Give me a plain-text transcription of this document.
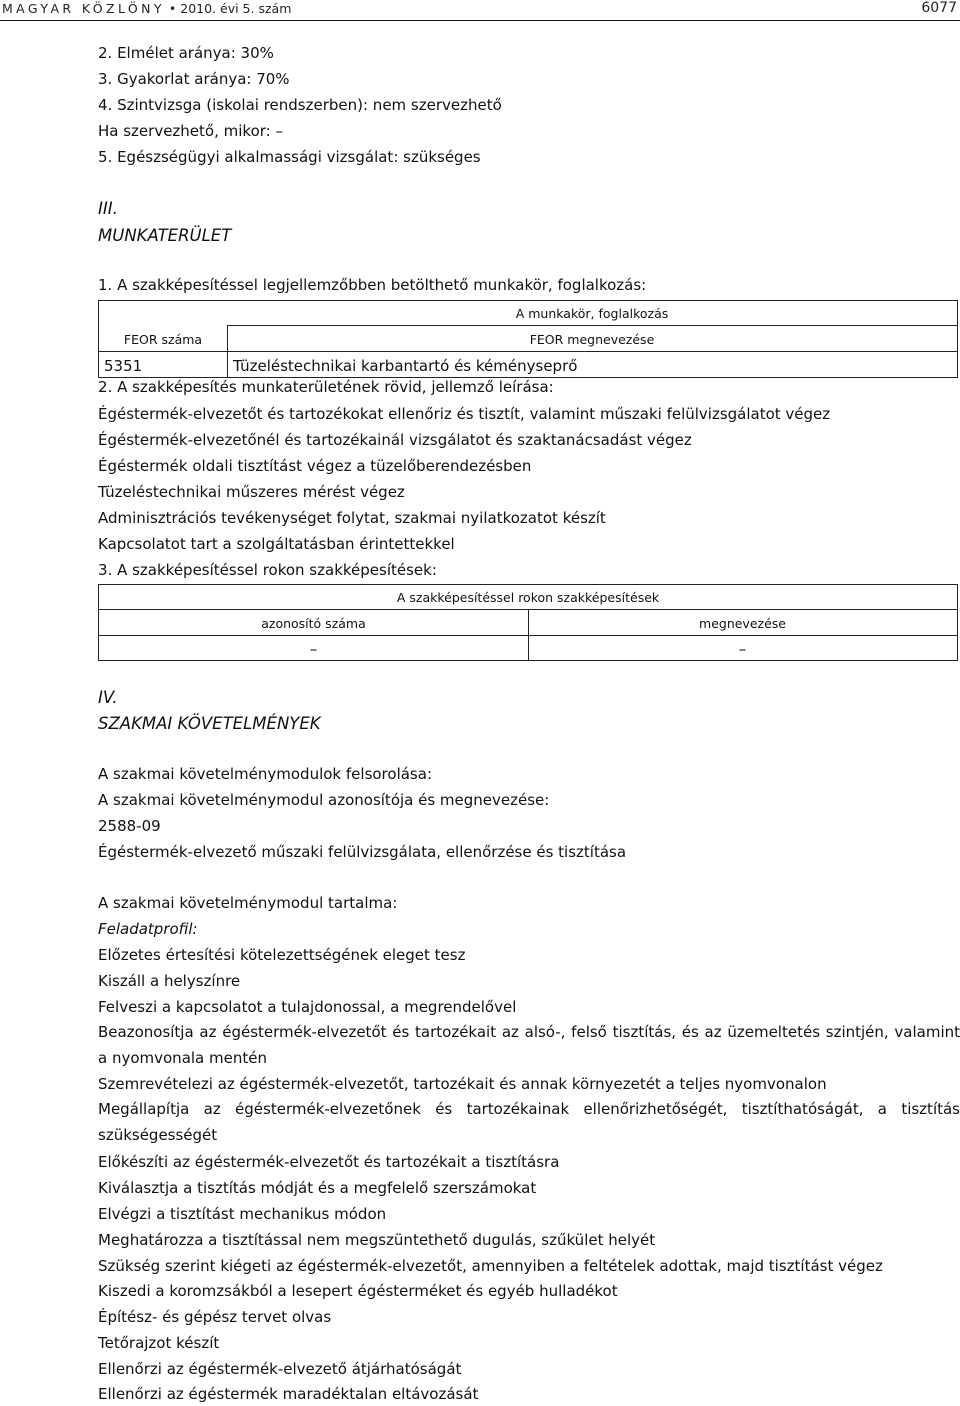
MAGYAR KÖZLÖNY • 2010. évi 5. szám	6077
2. Elmélet aránya: 30%
3. Gyakorlat aránya: 70%
4. Szintvizsga (iskolai rendszerben): nem szervezhető
Ha szervezhető, mikor: –
5. Egészségügyi alkalmassági vizsgálat: szükséges
III.
MUNKATERÜLET
1. A szakképesítéssel legjellemzőbben betölthető munkakör, foglalkozás:
A munkakör, foglalkozás
FEOR száma	FEOR megnevezése
5351	Tüzeléstechnikai karbantartó és kéményseprő
2. A szakképesítés munkaterületének rövid, jellemző leírása:
Égéstermék-elvezetőt és tartozékokat ellenőriz és tisztít, valamint műszaki felülvizsgálatot végez
Égéstermék-elvezetőnél és tartozékainál vizsgálatot és szaktanácsadást végez
Égéstermék oldali tisztítást végez a tüzelőberendezésben
Tüzeléstechnikai műszeres mérést végez
Adminisztrációs tevékenységet folytat, szakmai nyilatkozatot készít
Kapcsolatot tart a szolgáltatásban érintettekkel
3. A szakképesítéssel rokon szakképesítések:
A szakképesítéssel rokon szakképesítések
azonosító száma	megnevezése
–	–
IV.
SZAKMAI KÖVETELMÉNYEK
A szakmai követelménymodulok felsorolása:
A szakmai követelménymodul azonosítója és megnevezése:
2588-09
Égéstermék-elvezető műszaki felülvizsgálata, ellenőrzése és tisztítása
A szakmai követelménymodul tartalma:
Feladatprofil:
Előzetes értesítési kötelezettségének eleget tesz
Kiszáll a helyszínre
Felveszi a kapcsolatot a tulajdonossal, a megrendelővel
Beazonosítja az égéstermék-elvezetőt és tartozékait az alsó-, felső tisztítás, és az üzemeltetés szintjén, valamint a nyomvonala mentén
Szemrevételezi az égéstermék-elvezetőt, tartozékait és annak környezetét a teljes nyomvonalon
Megállapítja az égéstermék-elvezetőnek és tartozékainak ellenőrizhetőségét, tisztíthatóságát, a tisztítás szükségességét
Előkészíti az égéstermék-elvezetőt és tartozékait a tisztításra
Kiválasztja a tisztítás módját és a megfelelő szerszámokat
Elvégzi a tisztítást mechanikus módon
Meghatározza a tisztítással nem megszüntethető dugulás, szűkület helyét
Szükség szerint kiégeti az égéstermék-elvezetőt, amennyiben a feltételek adottak, majd tisztítást végez
Kiszedi a koromzsákból a lesepert égésterméket és egyéb hulladékot
Építész- és gépész tervet olvas
Tetőrajzot készít
Ellenőrzi az égéstermék-elvezető átjárhatóságát
Ellenőrzi az égéstermék maradéktalan eltávozását
